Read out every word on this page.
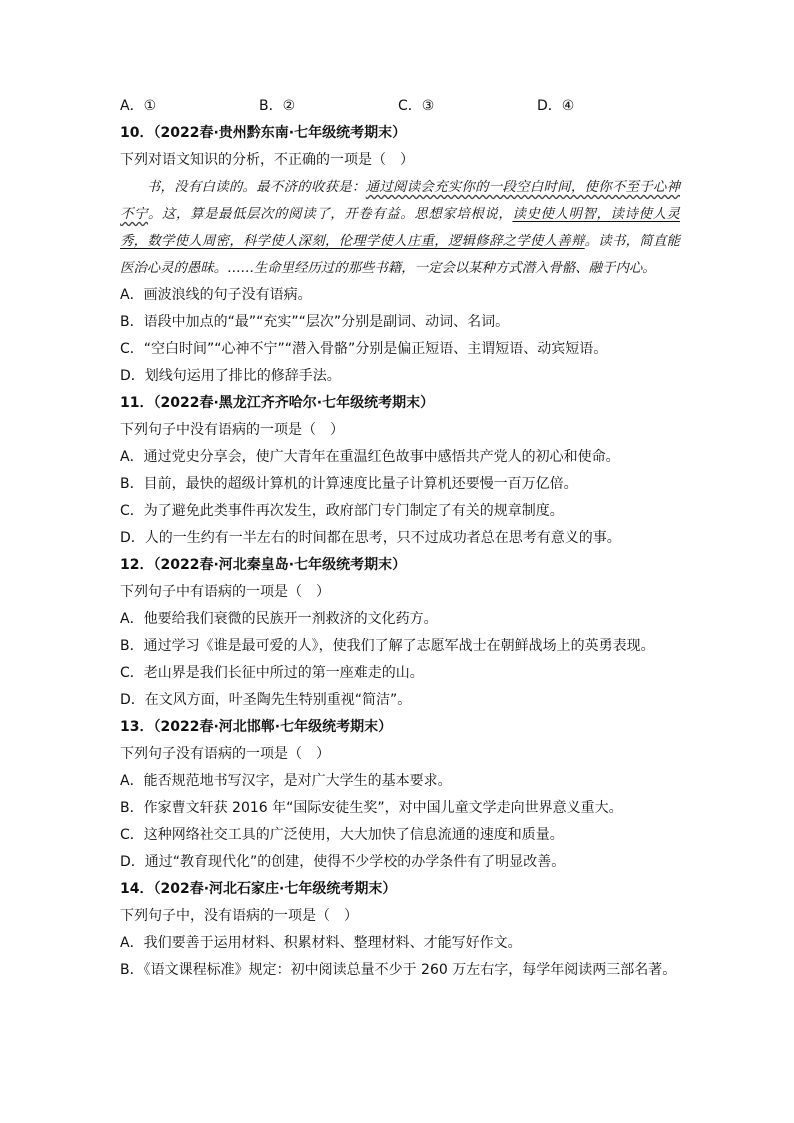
A．①	B．②	C．③	D．④
10．（2022春·贵州黔东南·七年级统考期末）
下列对语文知识的分析，不正确的一项是（　）

书，没有白读的。最不济的收获是：通过阅读会充实你的一段空白时间，使你不至于心神不宁。这，算是最低层次的阅读了，开卷有益。思想家培根说，读史使人明智，读诗使人灵秀，数学使人周密，科学使人深刻，伦理学使人庄重，逻辑修辞之学使人善辩。读书，简直能医治心灵的愚昧。……生命里经历过的那些书籍，一定会以某种方式潜入骨骼、融于内心。

A．画波浪线的句子没有语病。
B．语段中加点的“最”“充实”“层次”分别是副词、动词、名词。
C．“空白时间”“心神不宁”“潜入骨骼”分别是偏正短语、主谓短语、动宾短语。
D．划线句运用了排比的修辞手法。
11．（2022春·黑龙江齐齐哈尔·七年级统考期末）
下列句子中没有语病的一项是（　）
A．通过党史分享会，使广大青年在重温红色故事中感悟共产党人的初心和使命。
B．目前，最快的超级计算机的计算速度比量子计算机还要慢一百万亿倍。
C．为了避免此类事件再次发生，政府部门专门制定了有关的规章制度。
D．人的一生约有一半左右的时间都在思考，只不过成功者总在思考有意义的事。
12．（2022春·河北秦皇岛·七年级统考期末）
下列句子中有语病的一项是（　）
A．他要给我们衰微的民族开一剂救济的文化药方。
B．通过学习《谁是最可爱的人》，使我们了解了志愿军战士在朝鲜战场上的英勇表现。
C．老山界是我们长征中所过的第一座难走的山。
D．在文风方面，叶圣陶先生特别重视“简洁”。
13．（2022春·河北邯郸·七年级统考期末）
下列句子没有语病的一项是（　）
A．能否规范地书写汉字，是对广大学生的基本要求。
B．作家曹文轩获 2016 年“国际安徒生奖”，对中国儿童文学走向世界意义重大。
C．这种网络社交工具的广泛使用，大大加快了信息流通的速度和质量。
D．通过“教育现代化”的创建，使得不少学校的办学条件有了明显改善。
14．（202春·河北石家庄·七年级统考期末）
下列句子中，没有语病的一项是（　）
A．我们要善于运用材料、积累材料、整理材料、才能写好作文。
B．《语文课程标准》规定：初中阅读总量不少于 260 万左右字，每学年阅读两三部名著。
